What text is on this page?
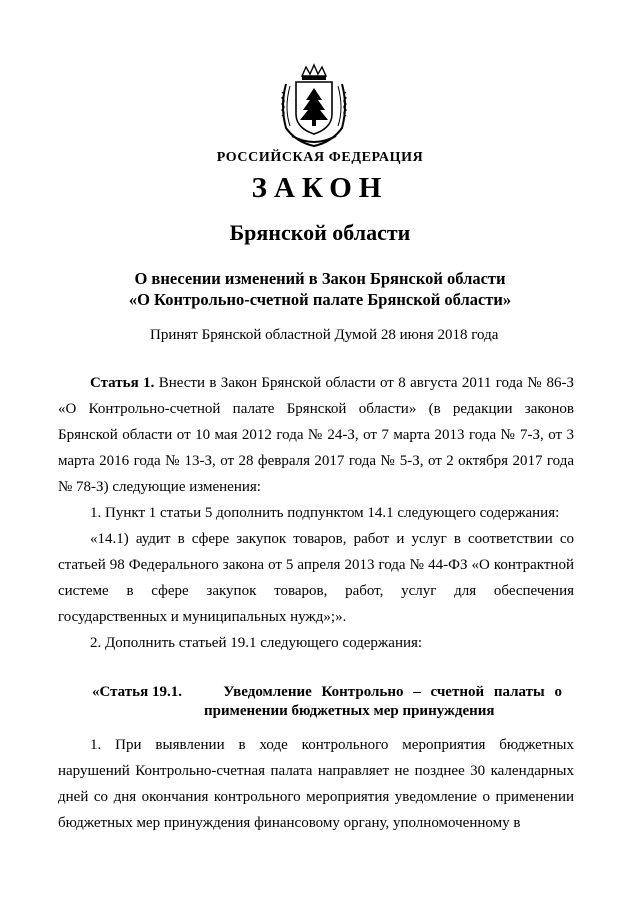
РОССИЙСКАЯ ФЕДЕРАЦИЯ
ЗАКОН
Брянской области
О внесении изменений в Закон Брянской области
«О Контрольно-счетной палате Брянской области»
Принят Брянской областной Думой 28 июня 2018 года

Статья 1. Внести в Закон Брянской области от 8 августа 2011 года № 86-З «О Контрольно-счетной палате Брянской области» (в редакции законов Брянской области от 10 мая 2012 года № 24-З, от 7 марта 2013 года № 7-З, от 3 марта 2016 года № 13-З, от 28 февраля 2017 года № 5-З, от 2 октября 2017 года № 78-З) следующие изменения:

1. Пункт 1 статьи 5 дополнить подпунктом 14.1 следующего содержания:

«14.1) аудит в сфере закупок товаров, работ и услуг в соответствии со статьей 98 Федерального закона от 5 апреля 2013 года № 44-ФЗ «О контрактной системе в сфере закупок товаров, работ, услуг для обеспечения государственных и муниципальных нужд»;».

2. Дополнить статьей 19.1 следующего содержания:

«Статья 19.1.	Уведомление Контрольно – счетной палаты о
применении бюджетных мер принуждения

1. При выявлении в ходе контрольного мероприятия бюджетных нарушений Контрольно-счетная палата направляет не позднее 30 календарных дней со дня окончания контрольного мероприятия уведомление о применении бюджетных мер принуждения финансовому органу, уполномоченному в
